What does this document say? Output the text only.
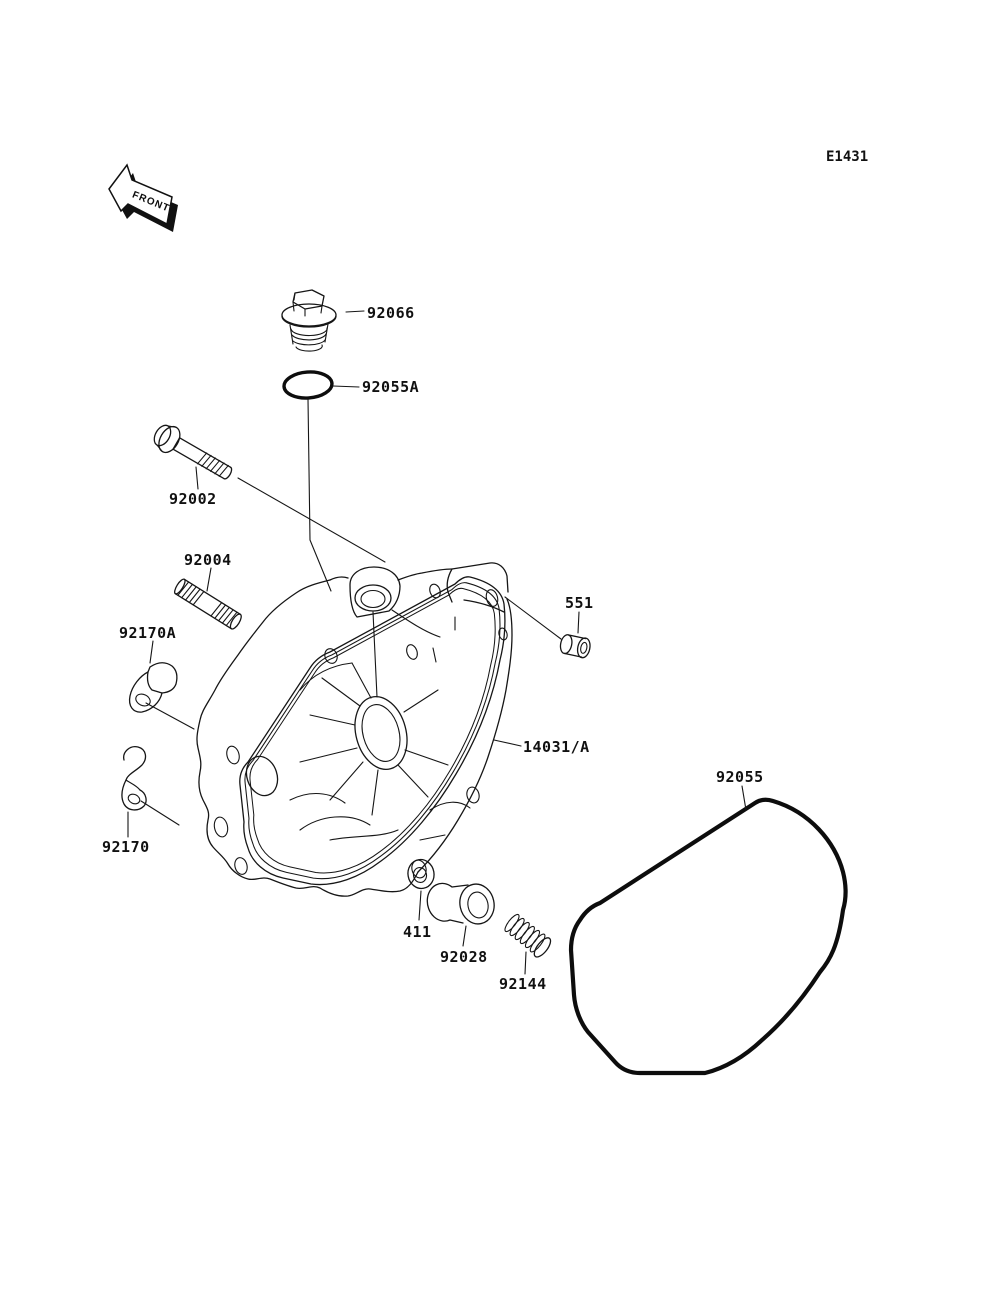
E1431
FRONT
92066
92055A
92002
92004
92170A
92170
551
14031/A
92055
411
92028
92144
